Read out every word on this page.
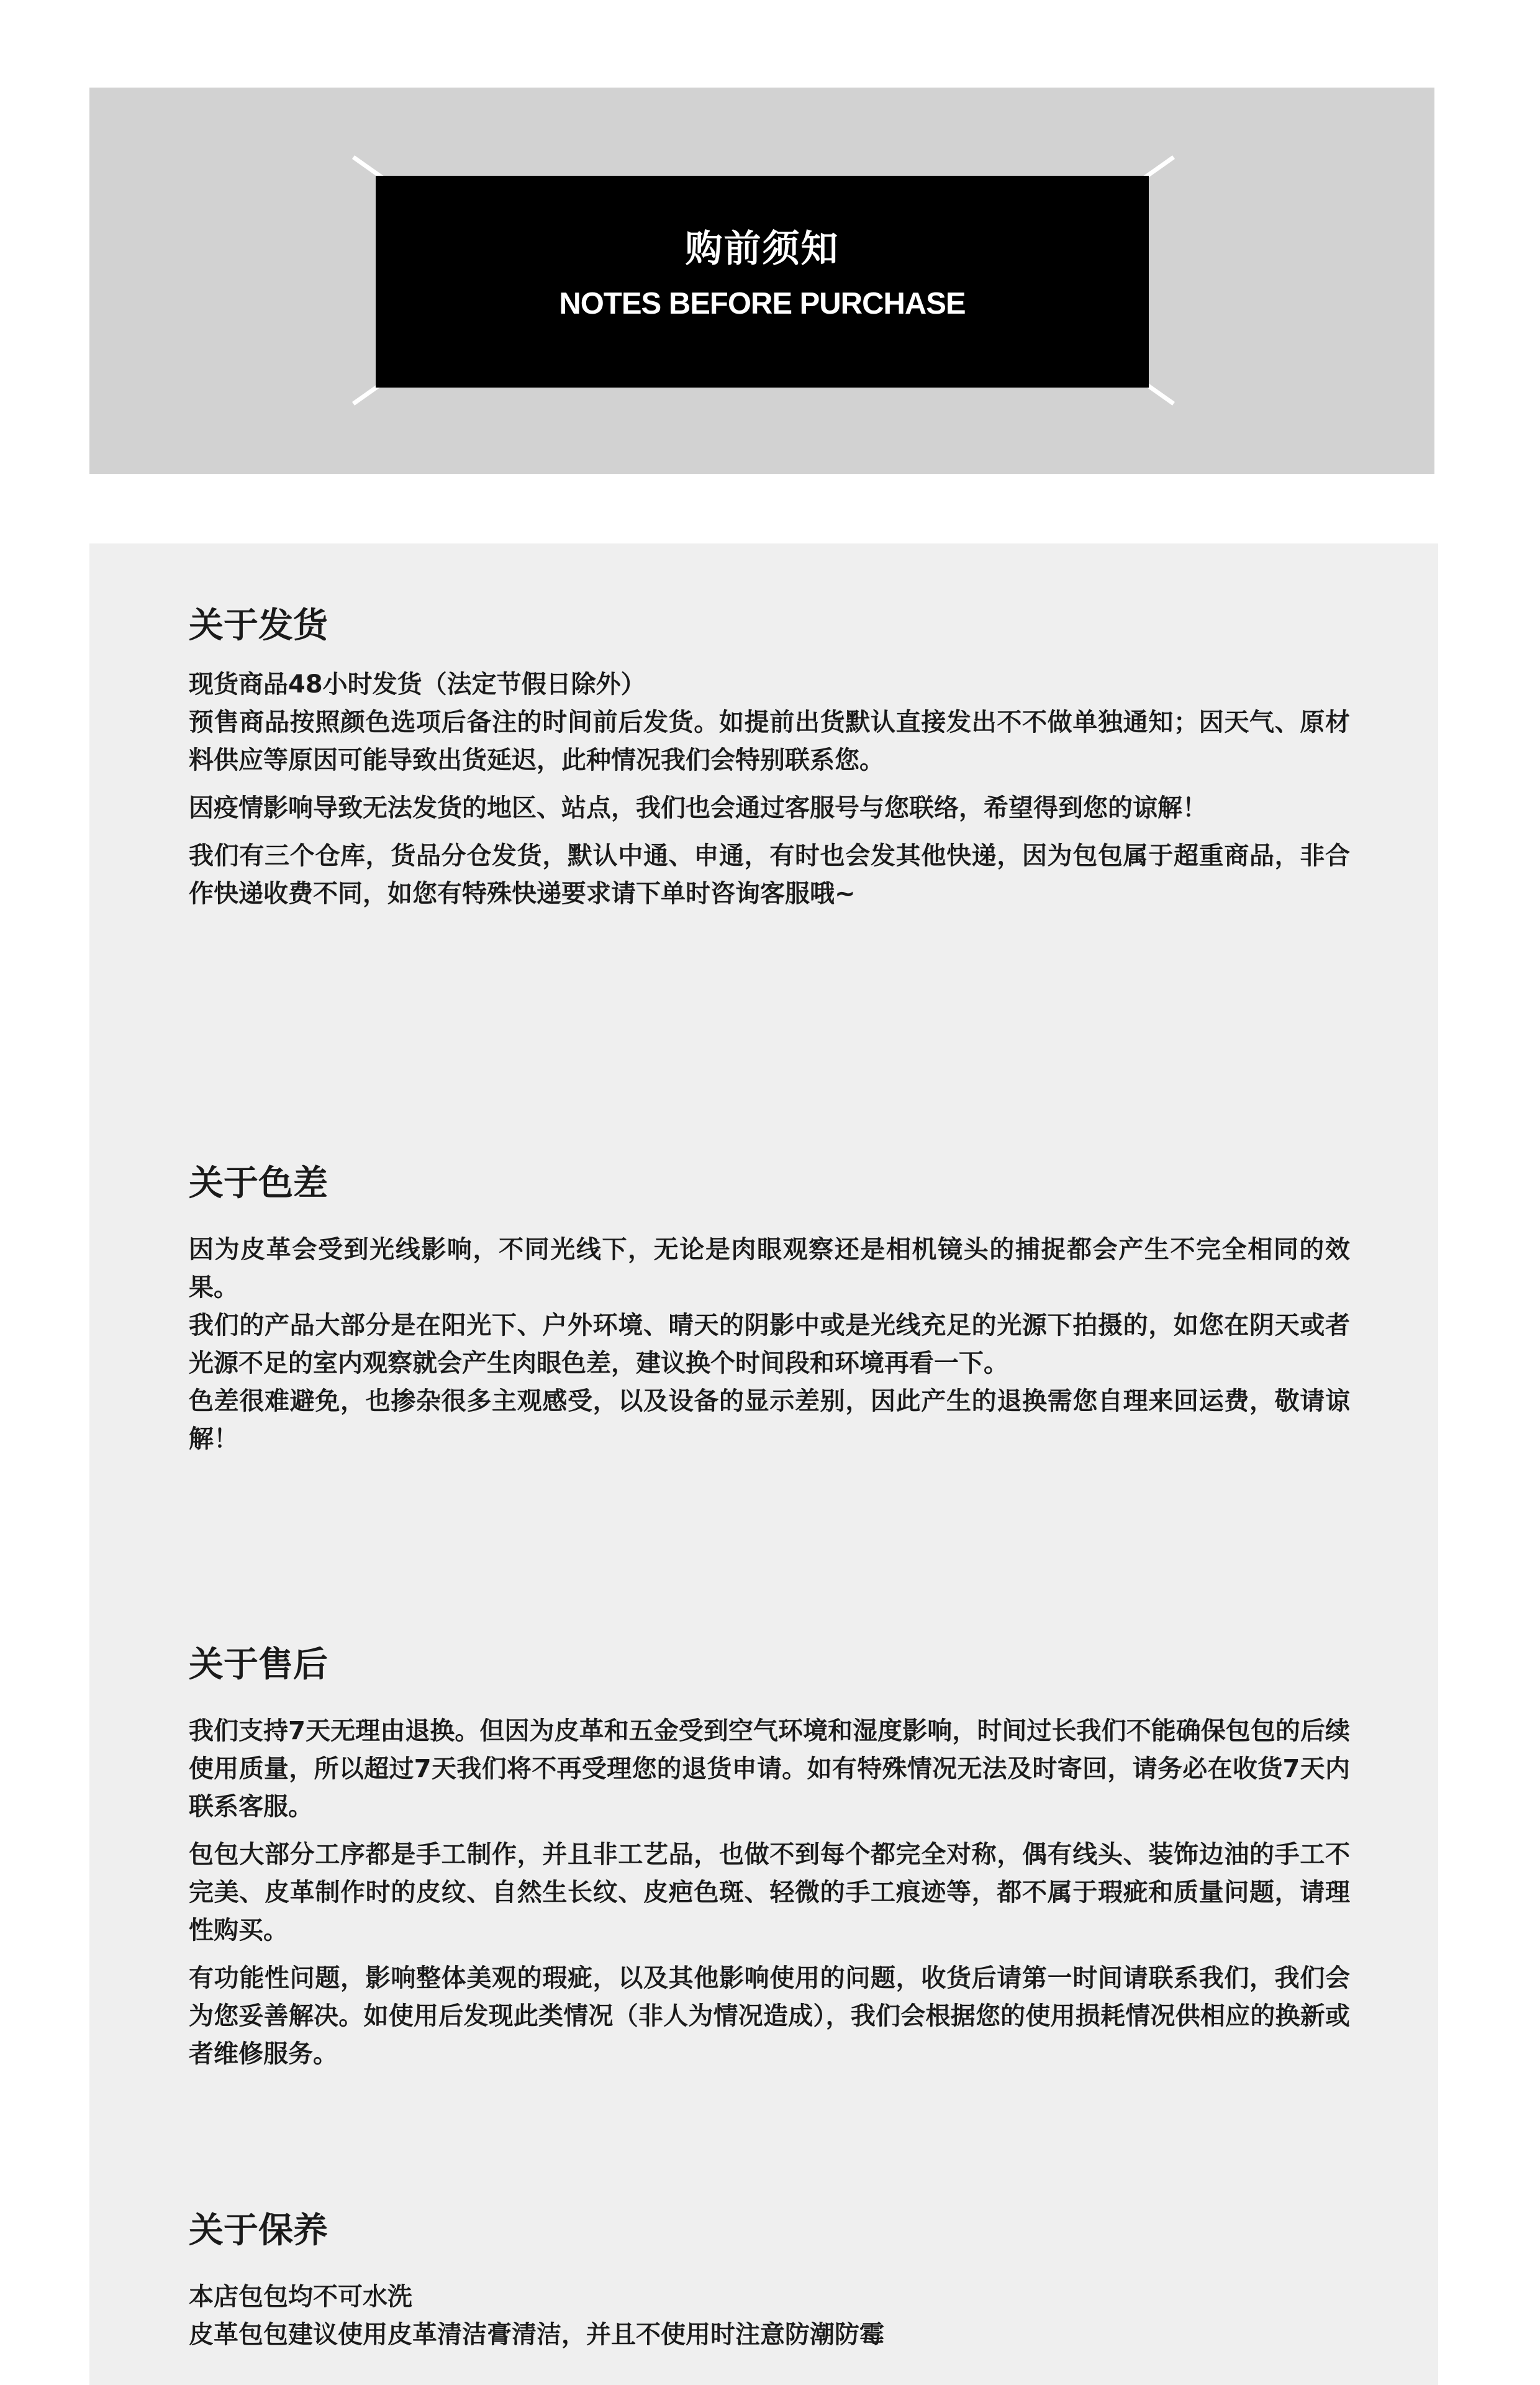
购前须知
NOTES BEFORE PURCHASE
关于发货

现货商品48小时发货（法定节假日除外）

预售商品按照颜色选项后备注的时间前后发货。如提前出货默认直接发出不不做单独通知；因天气、原材料供应等原因可能导致出货延迟，此种情况我们会特别联系您。

因疫情影响导致无法发货的地区、站点，我们也会通过客服号与您联络，希望得到您的谅解！

我们有三个仓库，货品分仓发货，默认中通、申通，有时也会发其他快递，因为包包属于超重商品，非合作快递收费不同，如您有特殊快递要求请下单时咨询客服哦~

关于色差

因为皮革会受到光线影响，不同光线下，无论是肉眼观察还是相机镜头的捕捉都会产生不完全相同的效果。

我们的产品大部分是在阳光下、户外环境、晴天的阴影中或是光线充足的光源下拍摄的，如您在阴天或者光源不足的室内观察就会产生肉眼色差，建议换个时间段和环境再看一下。

色差很难避免，也掺杂很多主观感受，以及设备的显示差别，因此产生的退换需您自理来回运费，敬请谅解！

关于售后

我们支持7天无理由退换。但因为皮革和五金受到空气环境和湿度影响，时间过长我们不能确保包包的后续使用质量，所以超过7天我们将不再受理您的退货申请。如有特殊情况无法及时寄回，请务必在收货7天内联系客服。

包包大部分工序都是手工制作，并且非工艺品，也做不到每个都完全对称，偶有线头、装饰边油的手工不完美、皮革制作时的皮纹、自然生长纹、皮疤色斑、轻微的手工痕迹等，都不属于瑕疵和质量问题，请理性购买。

有功能性问题，影响整体美观的瑕疵，以及其他影响使用的问题，收货后请第一时间请联系我们，我们会为您妥善解决。如使用后发现此类情况（非人为情况造成），我们会根据您的使用损耗情况供相应的换新或者维修服务。

关于保养

本店包包均不可水洗

皮革包包建议使用皮革清洁膏清洁，并且不使用时注意防潮防霉
